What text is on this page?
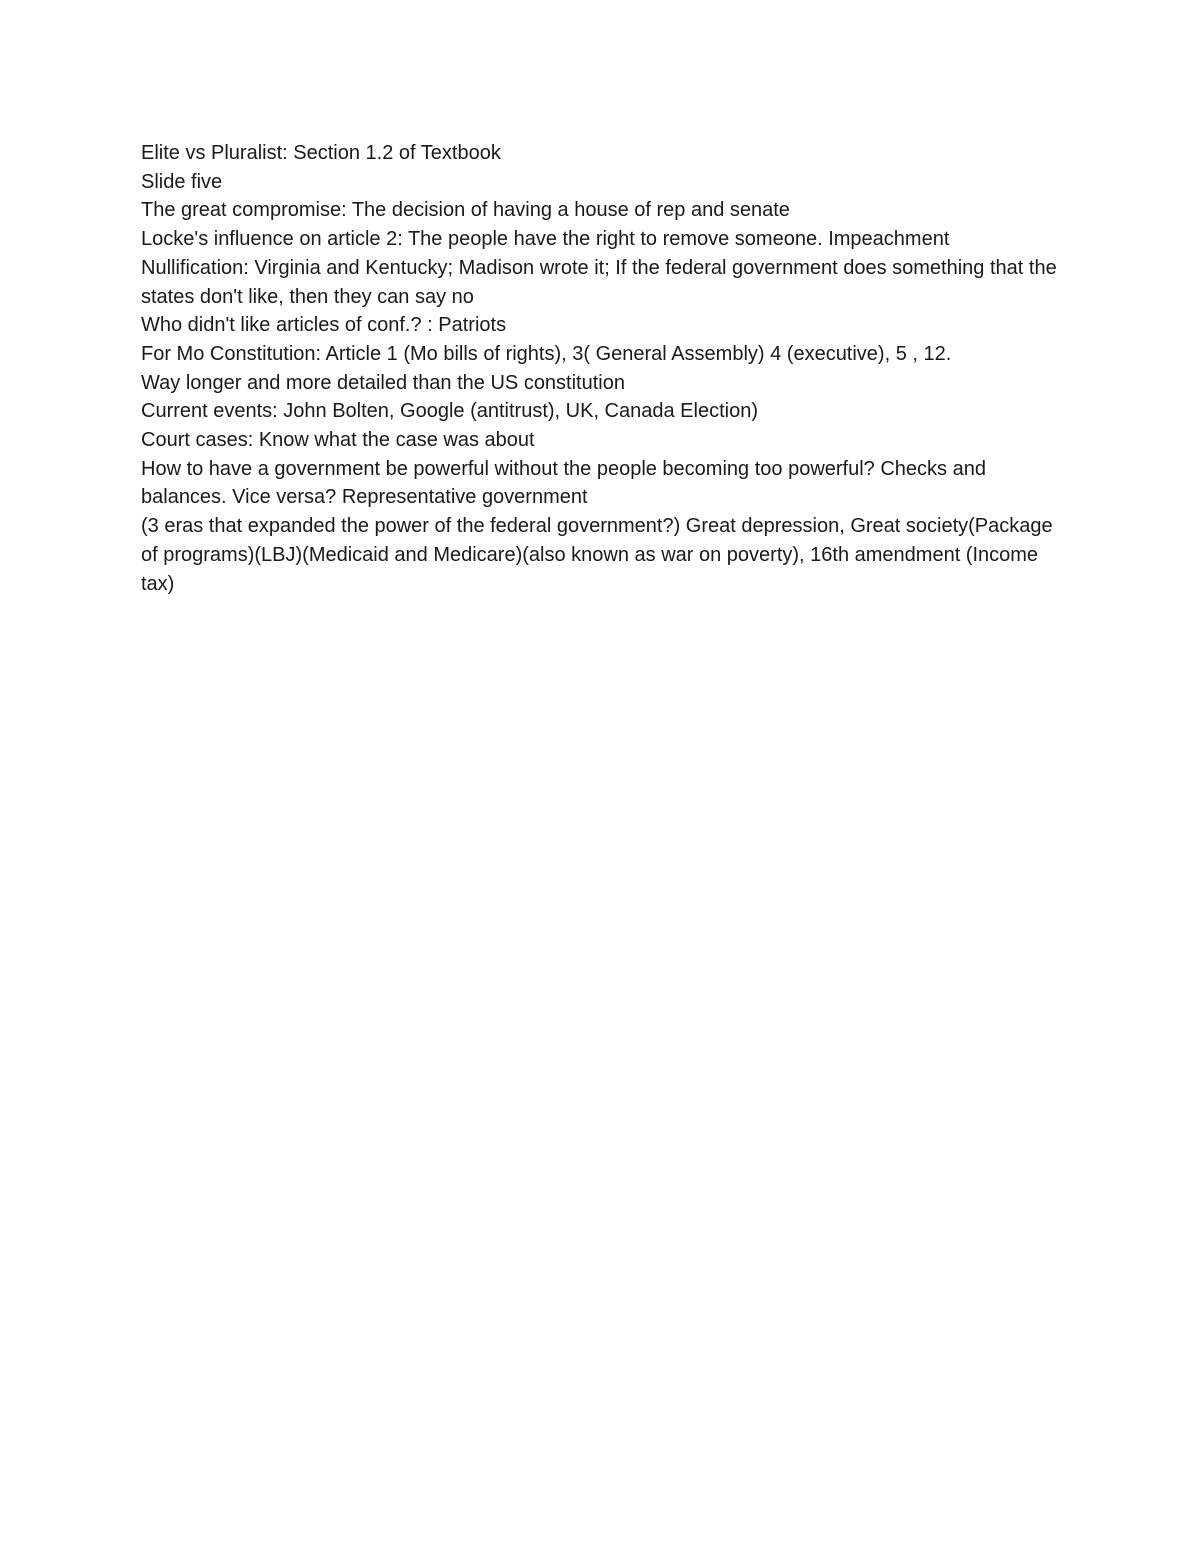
Elite vs Pluralist: Section 1.2 of Textbook

Slide five

The great compromise: The decision of having a house of rep and senate

Locke's influence on article 2: The people have the right to remove someone. Impeachment

Nullification: Virginia and Kentucky; Madison wrote it; If the federal government does something that the states don't like, then they can say no

Who didn't like articles of conf.? : Patriots

For Mo Constitution: Article 1 (Mo bills of rights), 3( General Assembly) 4 (executive), 5 , 12.

Way longer and more detailed than the US constitution

Current events: John Bolten, Google (antitrust), UK, Canada Election)

Court cases: Know what the case was about

How to have a government be powerful without the people becoming too powerful? Checks and balances. Vice versa? Representative government

(3 eras that expanded the power of the federal government?) Great depression, Great society(Package of programs)(LBJ)(Medicaid and Medicare)(also known as war on poverty), 16th amendment (Income tax)
